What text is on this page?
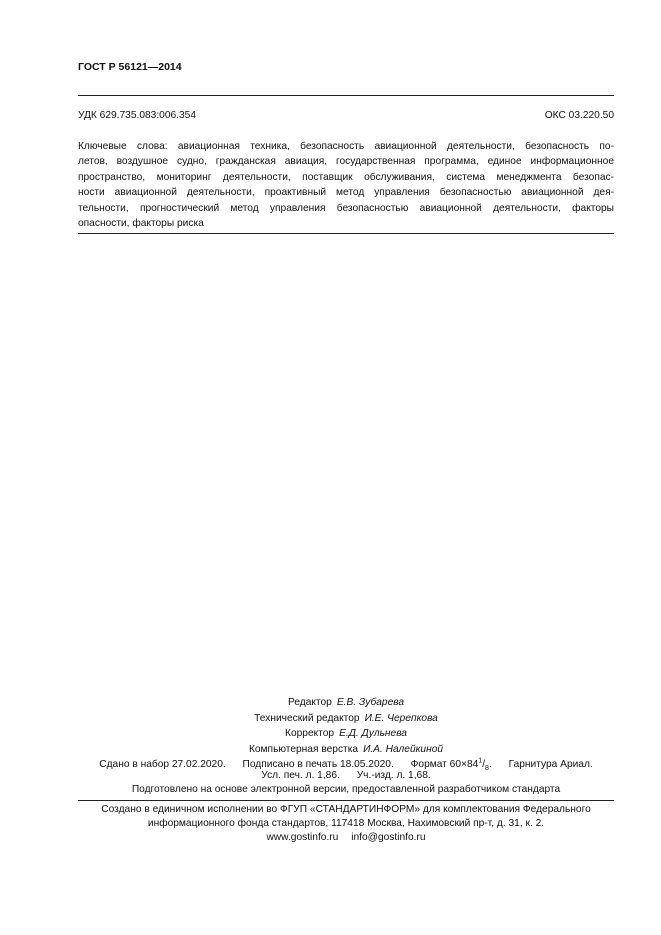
ГОСТ Р 56121—2014
УДК 629.735.083:006.354	ОКС 03.220.50
Ключевые слова: авиационная техника, безопасность авиационной деятельности, безопасность по-
летов, воздушное судно, гражданская авиация, государственная программа, единое информационное
пространство, мониторинг деятельности, поставщик обслуживания, система менеджмента безопас-
ности авиационной деятельности, проактивный метод управления безопасностью авиационной дея-
тельности, прогностический метод управления безопасностью авиационной деятельности, факторы
опасности, факторы риска
Редактор Е.В. Зубарева
Технический редактор И.Е. Черепкова
Корректор Е.Д. Дульнева
Компьютерная верстка И.А. Налейкиной
Сдано в набор 27.02.2020. Подписано в печать 18.05.2020. Формат $60\times 84^1/_8$. Гарнитура Ариал.
Усл. печ. л. 1,86. Уч.-изд. л. 1,68.
Подготовлено на основе электронной версии, предоставленной разработчиком стандарта
Создано в единичном исполнении во ФГУП «СТАНДАРТИНФОРМ» для комплектования Федерального
информационного фонда стандартов, 117418 Москва, Нахимовский пр-т, д. 31, к. 2.
www.gostinfo.ru info@gostinfo.ru
